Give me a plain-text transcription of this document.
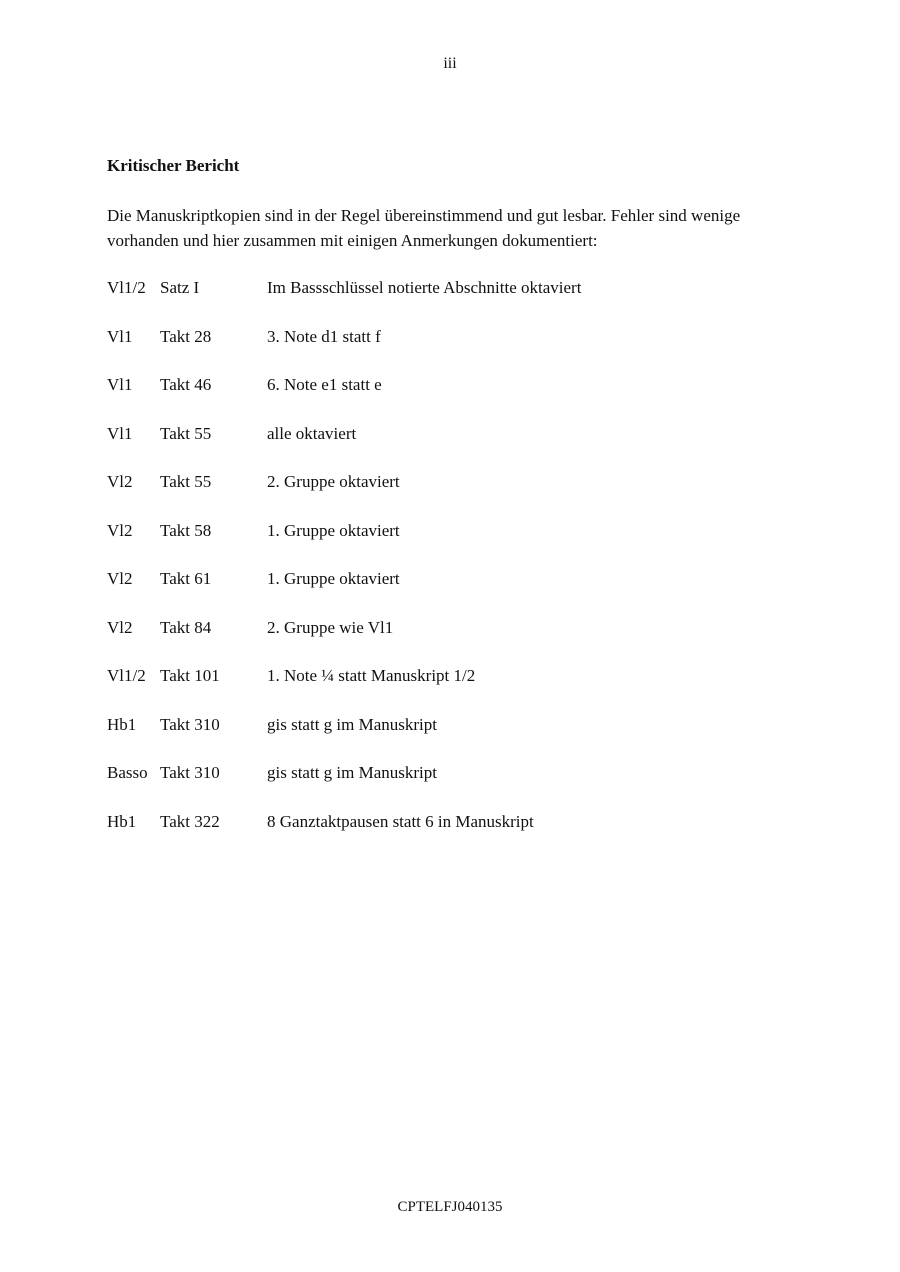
iii
Kritischer Bericht
Die Manuskriptkopien sind in der Regel übereinstimmend und gut lesbar. Fehler sind wenige vorhanden und hier zusammen mit einigen Anmerkungen dokumentiert:
Vl1/2 Satz I	Im Bassschlüssel notierte Abschnitte oktaviert
Vl1 Takt 28	3. Note d1 statt f
Vl1 Takt 46	6. Note e1 statt e
Vl1 Takt 55	alle oktaviert
Vl2 Takt 55	2. Gruppe oktaviert
Vl2 Takt 58	1. Gruppe oktaviert
Vl2 Takt 61	1. Gruppe oktaviert
Vl2 Takt 84	2. Gruppe wie Vl1
Vl1/2 Takt 101	1. Note ¼ statt Manuskript 1/2
Hb1 Takt 310	gis statt g im Manuskript
Basso Takt 310	gis statt g im Manuskript
Hb1 Takt 322	8 Ganztaktpausen statt 6 in Manuskript
CPTELFJ040135
